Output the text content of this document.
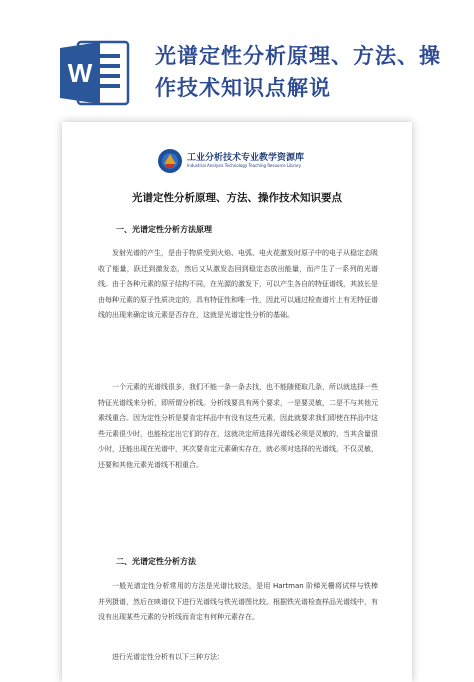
W
光谱定性分析原理、方法、操
作技术知识点解说
工业分析技术专业教学资源库
Industrial Analysis Technology Teaching Resource Library
光谱定性分析原理、方法、操作技术知识要点
一、光谱定性分析方法原理
发射光谱的产生，是由于物质受到火焰、电弧、电火花激发时原子中的电子从稳定态吸收了能量，跃迁到激发态，然后又从激发态回到稳定态放出能量，而产生了一系列的光谱线。由于各种元素的原子结构不同，在光源的激发下，可以产生各自的特征谱线，其波长是由每种元素的原子性质决定的，具有特征性和唯一性，因此可以通过检查谱片上有无特征谱线的出现来确定该元素是否存在，这就是光谱定性分析的基础。
一个元素的光谱线很多，我们不能一条一条去找，也不能随便取几条，所以就选择一些特征光谱线来分析，即所谓分析线。分析线要具有两个要求，一是要灵敏，二是不与其他元素线重合。因为定性分析是要肯定样品中有没有这些元素，因此就要求我们即使在样品中这些元素很少时，也能检定出它们的存在，这就决定所选择光谱线必须是灵敏的，当其含量很少时，还能出现在光谱中，其次要肯定元素确实存在，就必须对选择的光谱线，不仅灵敏，还要和其他元素光谱线不相重合。
二、光谱定性分析方法
一般光谱定性分析常用的方法是光谱比较法，是用 Hartman 阶梯光栅将试样与铁棒并列摄谱，然后在映谱仪下进行光谱线与铁光谱图比较。根据铁光谱检查样品光谱线中，有没有出现某些元素的分析线而肯定有何种元素存在。
进行光谱定性分析有以下三种方法：
